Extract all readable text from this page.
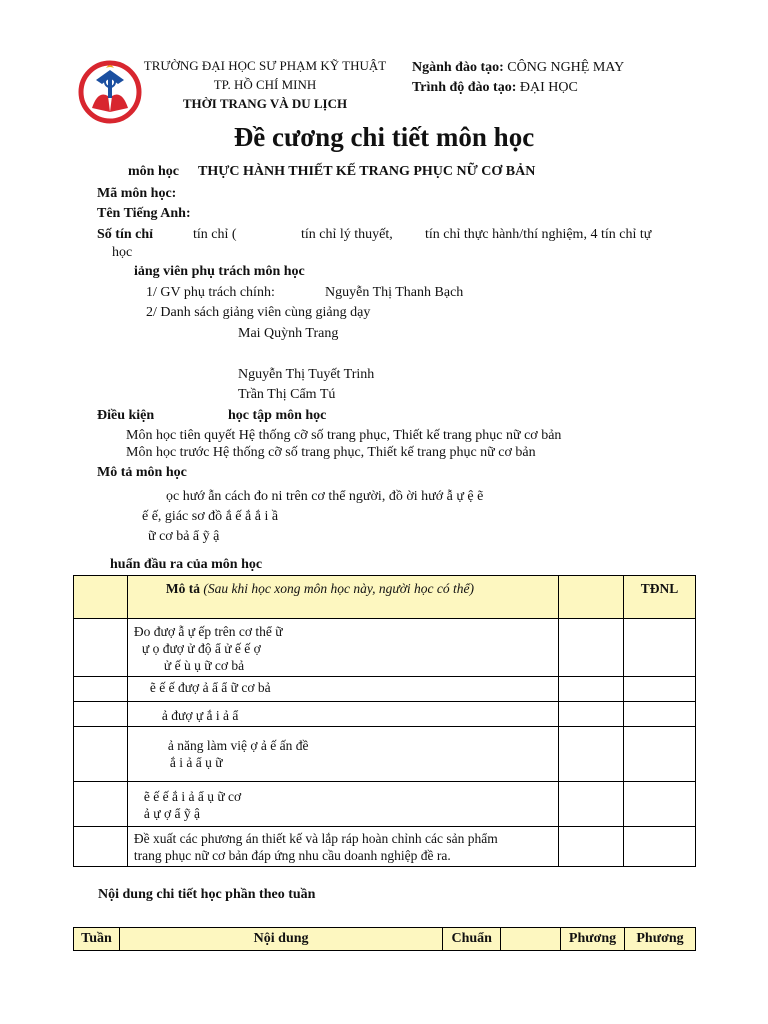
TRƯỜNG ĐẠI HỌC SƯ PHẠM KỸ THUẬT
TP. HỒ CHÍ MINH
THỜI TRANG VÀ DU LỊCH
Ngành đào tạo: CÔNG NGHỆ MAY
Trình độ đào tạo: ĐẠI HỌC
Đề cương chi tiết môn học
môn học THỰC HÀNH THIẾT KẾ TRANG PHỤC NỮ CƠ BẢN
Mã môn học:
Tên Tiếng Anh:
Số tín chỉ	tín chỉ (	tín chỉ lý thuyết, tín chỉ thực hành/thí nghiệm, 4 tín chỉ tự
học
iảng viên phụ trách môn học
1/ GV phụ trách chính:	Nguyễn Thị Thanh Bạch
2/ Danh sách giảng viên cùng giảng dạy
Mai Quỳnh Trang
Nguyễn Thị Tuyết Trinh
Trần Thị Cẩm Tú
Điều kiện	học tập môn học
Môn học tiên quyết Hệ thống cỡ số trang phục, Thiết kế trang phục nữ cơ bản
Môn học trước Hệ thống cỡ số trang phục, Thiết kế trang phục nữ cơ bản
Mô tả môn học
ọc hướ ẫn cách đo ni trên cơ thể người, đồ ời hướ ẫ ự ệ ẽ
ế ế, giác sơ đồ ắ ế ắ ắ i ầ
ữ cơ bả ẩ ỹ ậ
huẩn đầu ra của môn học

	Mô tả (Sau khi học xong môn học này, người học có thể)		TĐNL

	Đo đượ ẫ ự ếp trên cơ thể ữ
ự ọ đượ ử độ ẩ ử ế ế ợ
ử ế ù ụ ữ cơ bả		

	ẽ ế ế đượ ả ẩ ẩ ữ cơ bả		

	ả đượ ự ắ i ả ẩ		

	ả năng làm việ ợ ả ế ấn đề
ắ i ả ẩ ụ ữ		

	ẽ ế ế ắ i ả ẩ ụ ữ cơ
ả ự ợ ẩ ỹ ậ		

	Đề xuất các phương án thiết kế và lắp ráp hoàn chỉnh các sản phẩm
trang phục nữ cơ bản đáp ứng nhu cầu doanh nghiệp đề ra.		

Nội dung chi tiết học phần theo tuần
Tuần	Nội dung	Chuẩn		Phương	Phương
